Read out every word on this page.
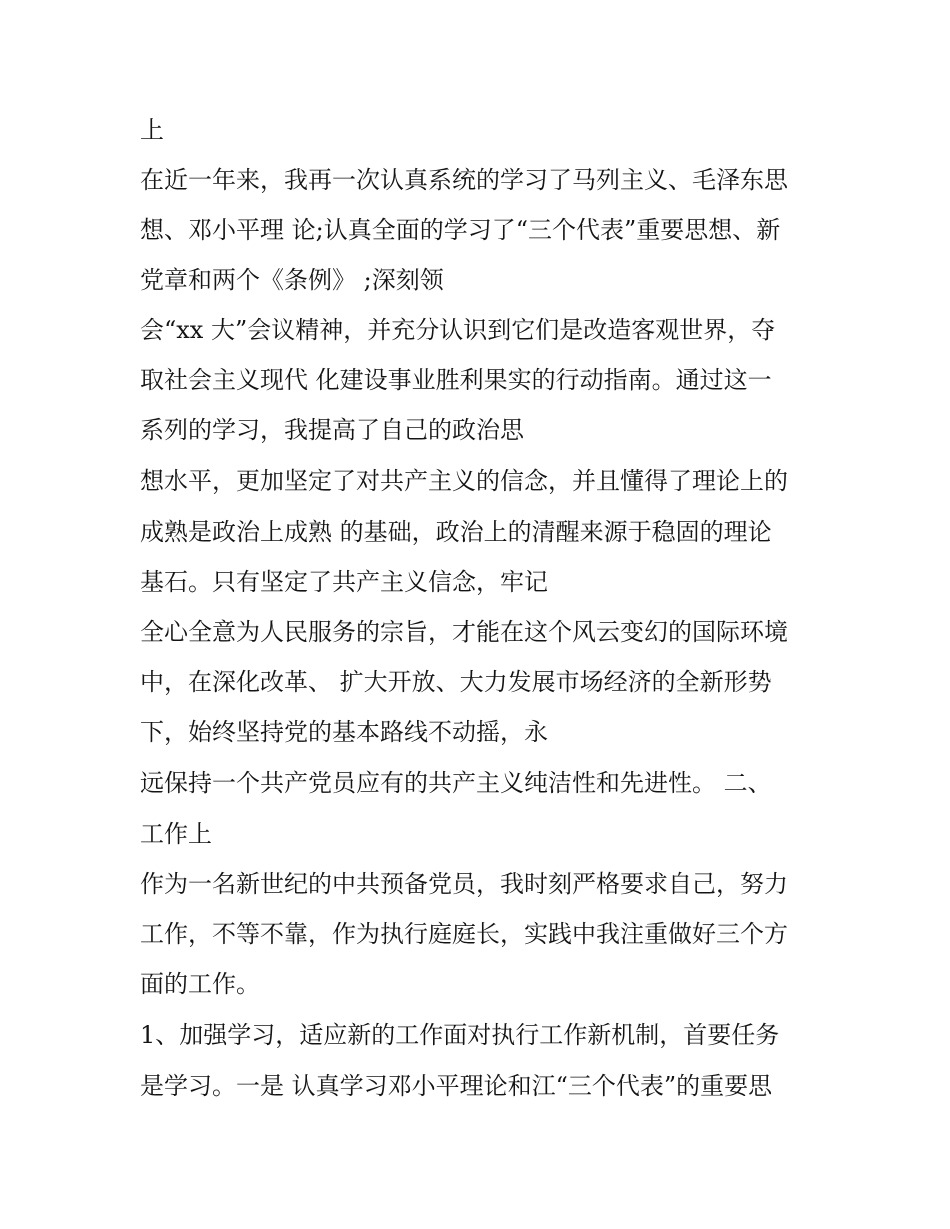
上
在近一年来，我再一次认真系统的学习了马列主义、毛泽东思
想、邓小平理 论;认真全面的学习了“三个代表”重要思想、新
党章和两个《条例》 ;深刻领
会“xx 大”会议精神，并充分认识到它们是改造客观世界，夺
取社会主义现代 化建设事业胜利果实的行动指南。通过这一
系列的学习，我提高了自己的政治思
想水平，更加坚定了对共产主义的信念，并且懂得了理论上的
成熟是政治上成熟 的基础，政治上的清醒来源于稳固的理论
基石。只有坚定了共产主义信念，牢记
全心全意为人民服务的宗旨，才能在这个风云变幻的国际环境
中，在深化改革、 扩大开放、大力发展市场经济的全新形势
下，始终坚持党的基本路线不动摇，永
远保持一个共产党员应有的共产主义纯洁性和先进性。 二、
工作上
作为一名新世纪的中共预备党员，我时刻严格要求自己，努力
工作，不等不靠，作为执行庭庭长，实践中我注重做好三个方
面的工作。
1、加强学习，适应新的工作面对执行工作新机制，首要任务
是学习。一是 认真学习邓小平理论和江“三个代表”的重要思
